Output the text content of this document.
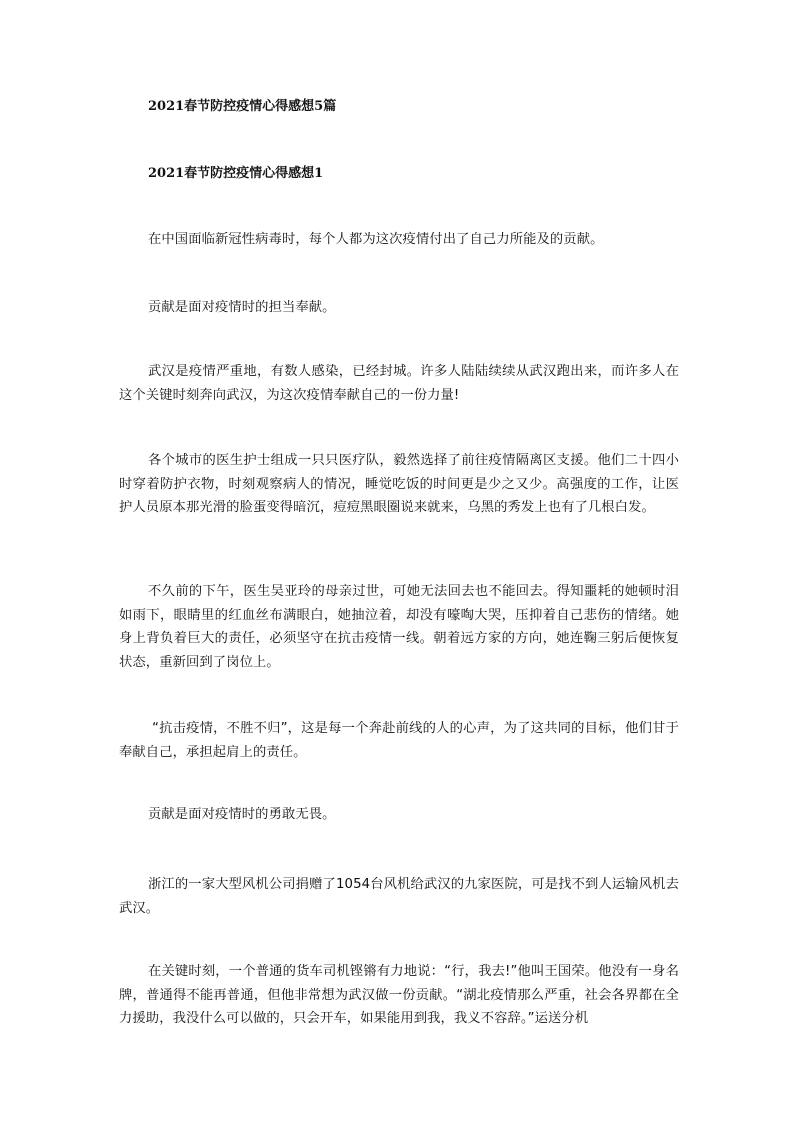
2021春节防控疫情心得感想5篇
2021春节防控疫情心得感想1
在中国面临新冠性病毒时，每个人都为这次疫情付出了自己力所能及的贡献。
贡献是面对疫情时的担当奉献。
武汉是疫情严重地，有数人感染，已经封城。许多人陆陆续续从武汉跑出来，而许多人在这个关键时刻奔向武汉，为这次疫情奉献自己的一份力量!
各个城市的医生护士组成一只只医疗队，毅然选择了前往疫情隔离区支援。他们二十四小时穿着防护衣物，时刻观察病人的情况，睡觉吃饭的时间更是少之又少。高强度的工作，让医护人员原本那光滑的脸蛋变得暗沉，痘痘黑眼圈说来就来，乌黑的秀发上也有了几根白发。
不久前的下午，医生吴亚玲的母亲过世，可她无法回去也不能回去。得知噩耗的她顿时泪如雨下，眼睛里的红血丝布满眼白，她抽泣着，却没有嚎啕大哭，压抑着自己悲伤的情绪。她身上背负着巨大的责任，必须坚守在抗击疫情一线。朝着远方家的方向，她连鞠三躬后便恢复状态，重新回到了岗位上。
“抗击疫情，不胜不归”，这是每一个奔赴前线的人的心声，为了这共同的目标，他们甘于奉献自己，承担起肩上的责任。
贡献是面对疫情时的勇敢无畏。
浙江的一家大型风机公司捐赠了1054台风机给武汉的九家医院，可是找不到人运输风机去武汉。
在关键时刻，一个普通的货车司机铿锵有力地说：“行，我去!”他叫王国荣。他没有一身名牌，普通得不能再普通，但他非常想为武汉做一份贡献。“湖北疫情那么严重，社会各界都在全力援助，我没什么可以做的，只会开车，如果能用到我，我义不容辞。”运送分机
